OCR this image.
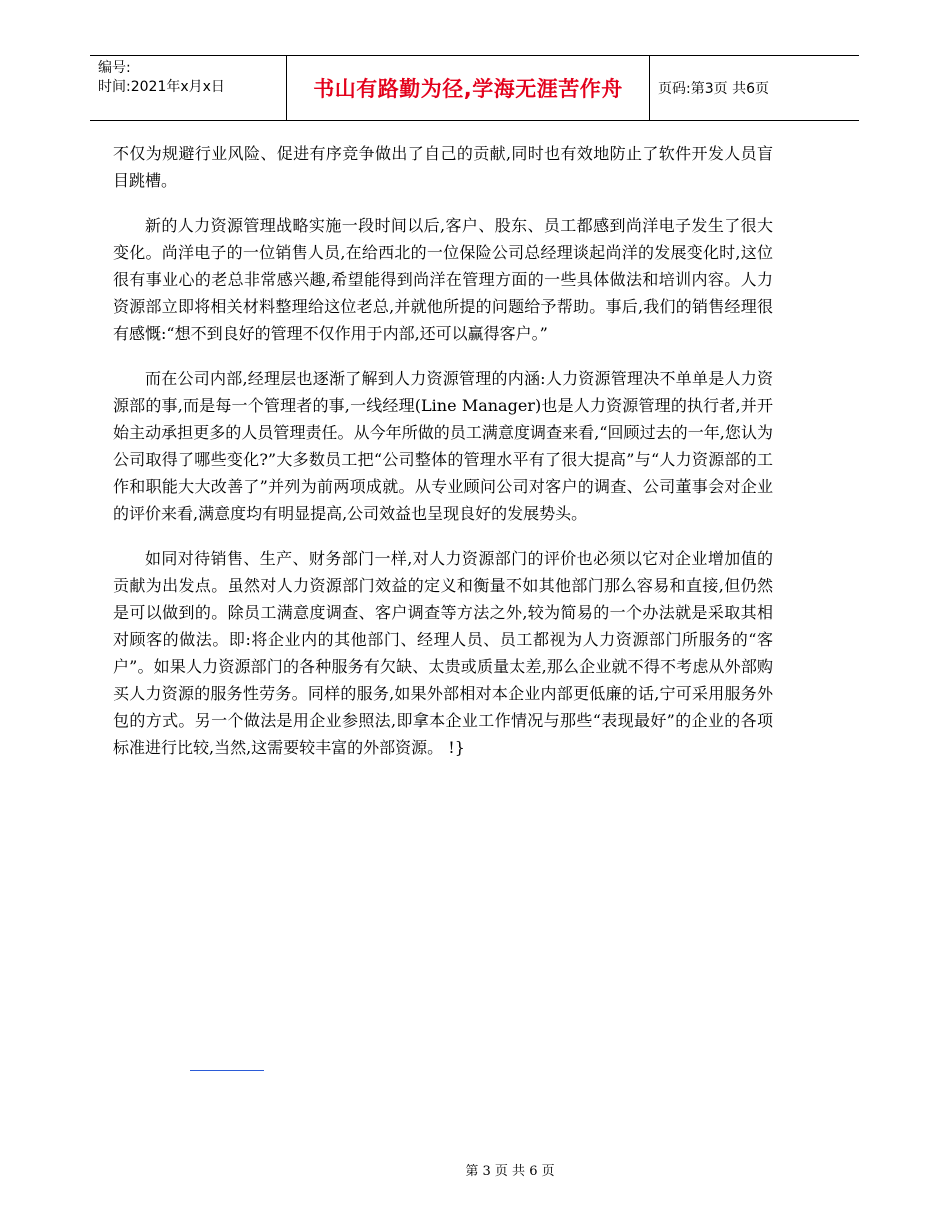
编号:
时间:2021年x月x日	书山有路勤为径,学海无涯苦作舟	页码:第3页 共6页

不仅为规避行业风险、促进有序竞争做出了自己的贡献,同时也有效地防止了软件开发人员盲目跳槽。

新的人力资源管理战略实施一段时间以后,客户、股东、员工都感到尚洋电子发生了很大变化。尚洋电子的一位销售人员,在给西北的一位保险公司总经理谈起尚洋的发展变化时,这位很有事业心的老总非常感兴趣,希望能得到尚洋在管理方面的一些具体做法和培训内容。人力资源部立即将相关材料整理给这位老总,并就他所提的问题给予帮助。事后,我们的销售经理很有感慨:“想不到良好的管理不仅作用于内部,还可以赢得客户。”

而在公司内部,经理层也逐渐了解到人力资源管理的内涵:人力资源管理决不单单是人力资源部的事,而是每一个管理者的事,一线经理(Line Manager)也是人力资源管理的执行者,并开始主动承担更多的人员管理责任。从今年所做的员工满意度调查来看,“回顾过去的一年,您认为公司取得了哪些变化?”大多数员工把“公司整体的管理水平有了很大提高”与“人力资源部的工作和职能大大改善了”并列为前两项成就。从专业顾问公司对客户的调查、公司董事会对企业的评价来看,满意度均有明显提高,公司效益也呈现良好的发展势头。

如同对待销售、生产、财务部门一样,对人力资源部门的评价也必须以它对企业增加值的贡献为出发点。虽然对人力资源部门效益的定义和衡量不如其他部门那么容易和直接,但仍然是可以做到的。除员工满意度调查、客户调查等方法之外,较为简易的一个办法就是采取其相对顾客的做法。即:将企业内的其他部门、经理人员、员工都视为人力资源部门所服务的“客户”。如果人力资源部门的各种服务有欠缺、太贵或质量太差,那么企业就不得不考虑从外部购买人力资源的服务性劳务。同样的服务,如果外部相对本企业内部更低廉的话,宁可采用服务外包的方式。另一个做法是用企业参照法,即拿本企业工作情况与那些“表现最好”的企业的各项标准进行比较,当然,这需要较丰富的外部资源。 !}

第 3 页 共 6 页
